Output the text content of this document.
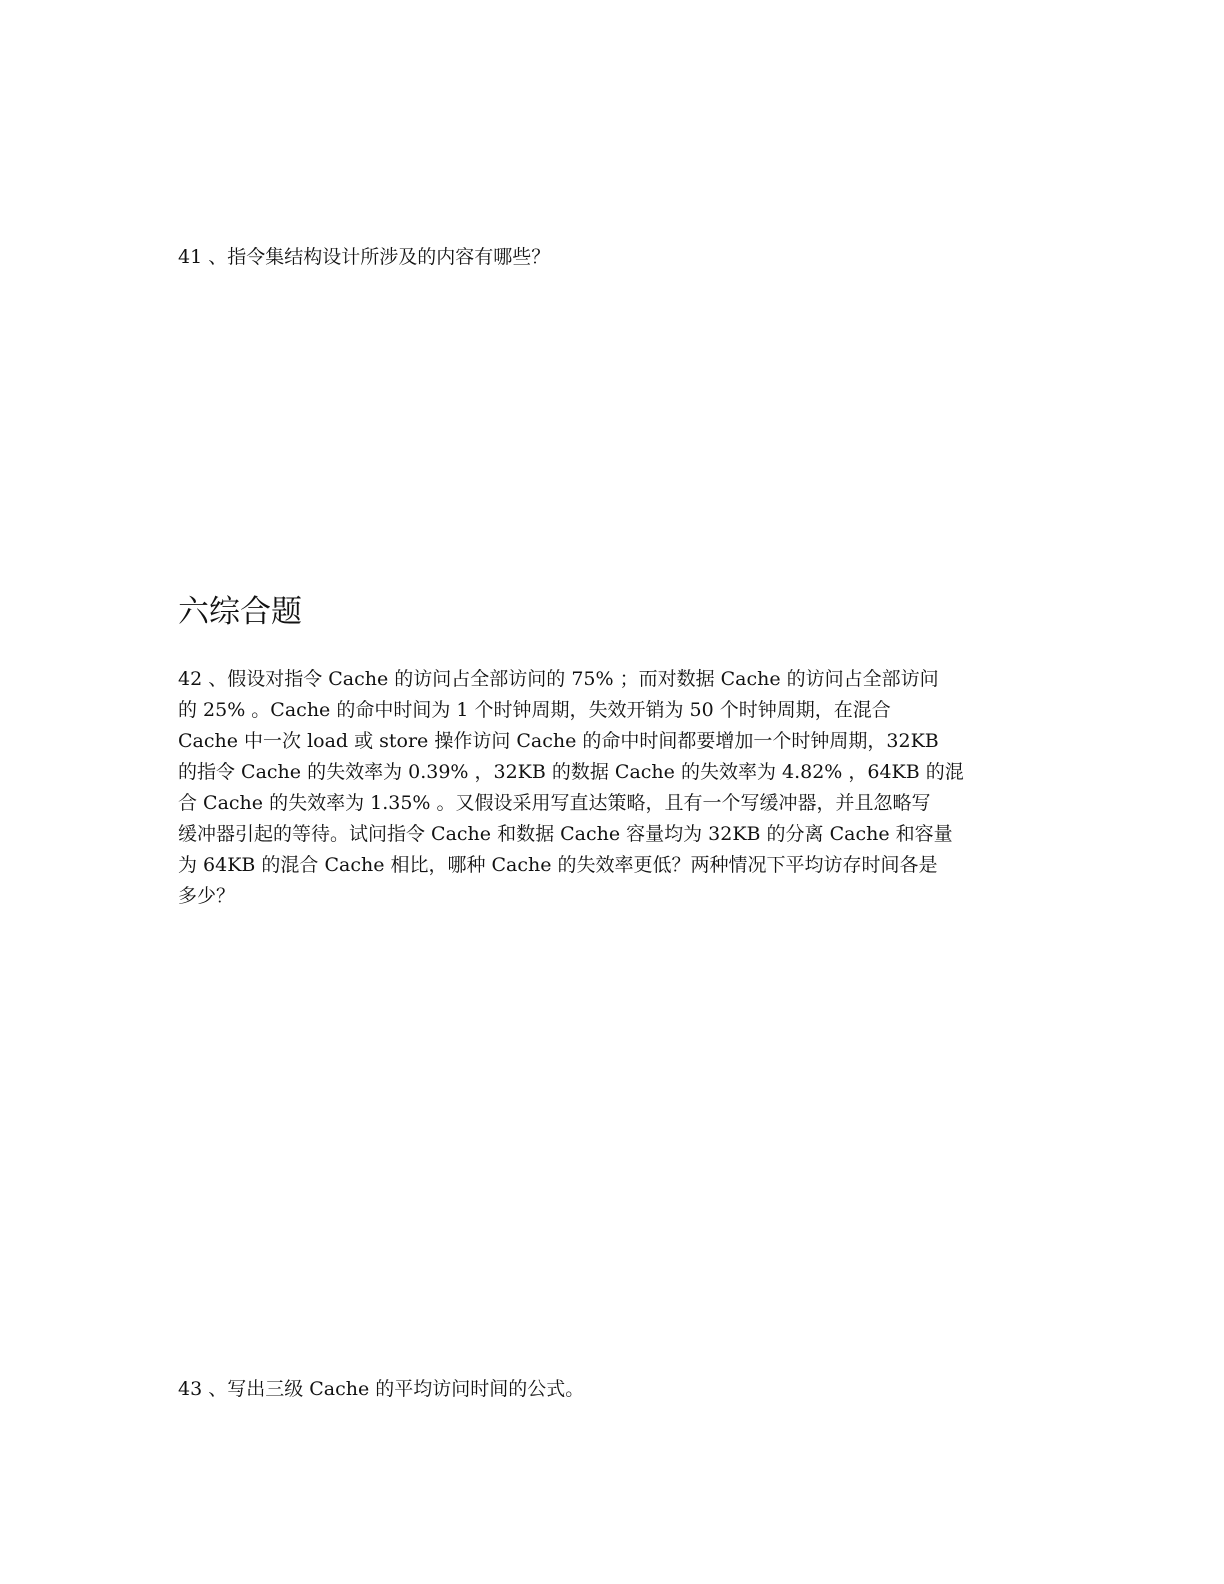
41 、指令集结构设计所涉及的内容有哪些？

六综合题
42 、假设对指令 Cache 的访问占全部访问的 75% ；而对数据 Cache 的访问占全部访问
的 25% 。Cache 的命中时间为 1 个时钟周期，失效开销为 50 个时钟周期，在混合
Cache 中一次 load 或 store 操作访问 Cache 的命中时间都要增加一个时钟周期，32KB
的指令 Cache 的失效率为 0.39% ，32KB 的数据 Cache 的失效率为 4.82% ，64KB 的混
合 Cache 的失效率为 1.35% 。又假设采用写直达策略，且有一个写缓冲器，并且忽略写
缓冲器引起的等待。试问指令 Cache 和数据 Cache 容量均为 32KB 的分离 Cache 和容量
为 64KB 的混合 Cache 相比，哪种 Cache 的失效率更低？两种情况下平均访存时间各是
多少？

43 、写出三级 Cache 的平均访问时间的公式。
